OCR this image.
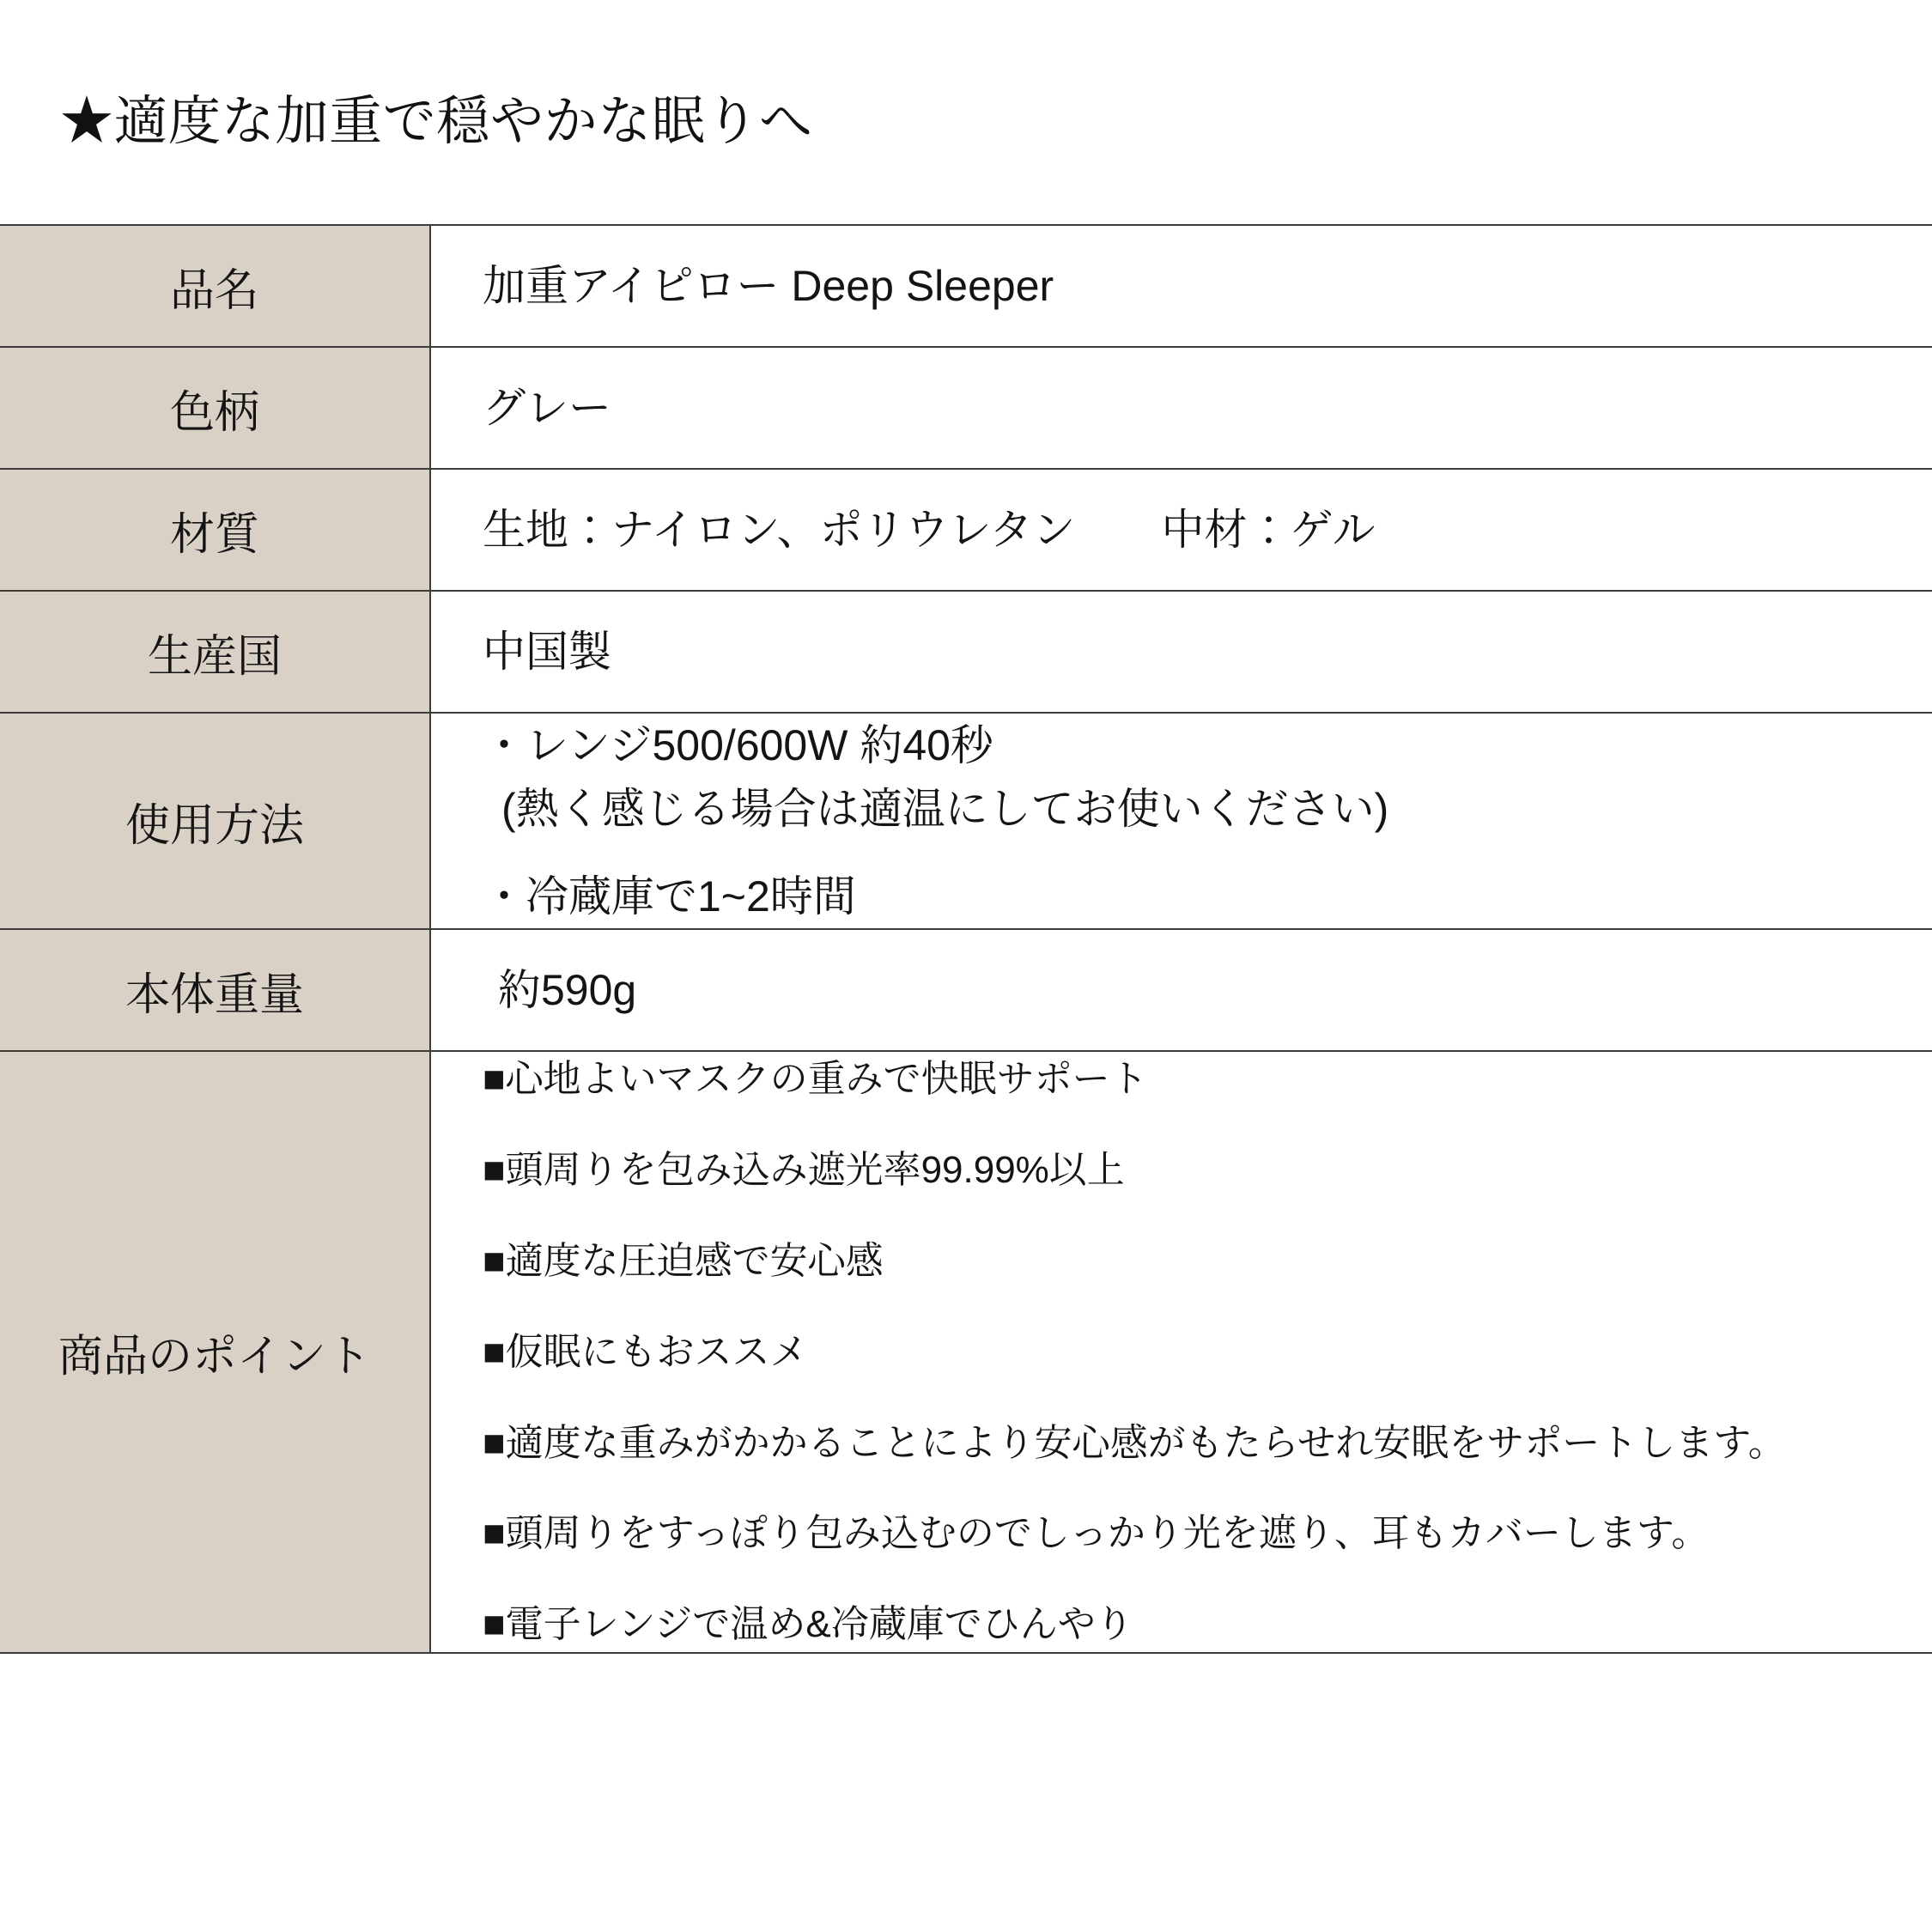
★適度な加重で穏やかな眠りへ
品名	加重アイピロー Deep Sleeper
色柄	グレー
材質	生地：ナイロン、ポリウレタン　　中材：ゲル
生産国	中国製
使用方法	・レンジ500/600W 約40秒
(熱く感じる場合は適温にしてお使いください)
・冷蔵庫で1~2時間

本体重量	約590g
商品のポイント	
■心地よいマスクの重みで快眠サポート
■頭周りを包み込み遮光率99.99%以上
■適度な圧迫感で安心感
■仮眠にもおススメ
■適度な重みがかかることにより安心感がもたらせれ安眠をサポートします。
■頭周りをすっぽり包み込むのでしっかり光を遮り、耳もカバーします。
■電子レンジで温め&冷蔵庫でひんやり
